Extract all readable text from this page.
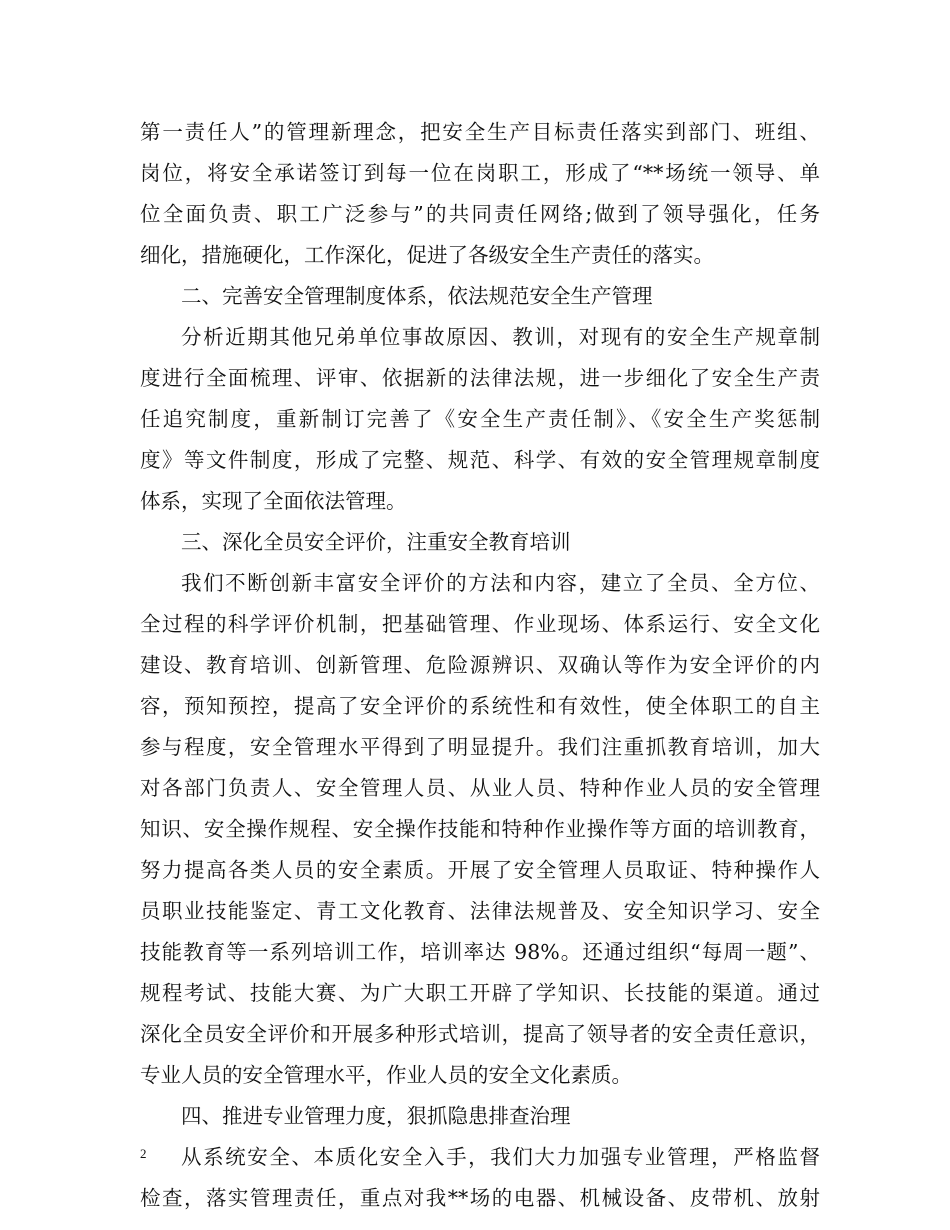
第一责任人”的管理新理念，把安全生产目标责任落实到部门、班组、
岗位，将安全承诺签订到每一位在岗职工，形成了“**场统一领导、单
位全面负责、职工广泛参与”的共同责任网络;做到了领导强化，任务
细化，措施硬化，工作深化，促进了各级安全生产责任的落实。
二、完善安全管理制度体系，依法规范安全生产管理
分析近期其他兄弟单位事故原因、教训，对现有的安全生产规章制
度进行全面梳理、评审、依据新的法律法规，进一步细化了安全生产责
任追究制度，重新制订完善了《安全生产责任制》、《安全生产奖惩制
度》等文件制度，形成了完整、规范、科学、有效的安全管理规章制度
体系，实现了全面依法管理。
三、深化全员安全评价，注重安全教育培训
我们不断创新丰富安全评价的方法和内容，建立了全员、全方位、
全过程的科学评价机制，把基础管理、作业现场、体系运行、安全文化
建设、教育培训、创新管理、危险源辨识、双确认等作为安全评价的内
容，预知预控，提高了安全评价的系统性和有效性，使全体职工的自主
参与程度，安全管理水平得到了明显提升。我们注重抓教育培训，加大
对各部门负责人、安全管理人员、从业人员、特种作业人员的安全管理
知识、安全操作规程、安全操作技能和特种作业操作等方面的培训教育，
努力提高各类人员的安全素质。开展了安全管理人员取证、特种操作人
员职业技能鉴定、青工文化教育、法律法规普及、安全知识学习、安全
技能教育等一系列培训工作，培训率达 98%。还通过组织“每周一题”、
规程考试、技能大赛、为广大职工开辟了学知识、长技能的渠道。通过
深化全员安全评价和开展多种形式培训，提高了领导者的安全责任意识，
专业人员的安全管理水平，作业人员的安全文化素质。
四、推进专业管理力度，狠抓隐患排查治理
从系统安全、本质化安全入手，我们大力加强专业管理，严格监督
检查，落实管理责任，重点对我**场的电器、机械设备、皮带机、放射
2
